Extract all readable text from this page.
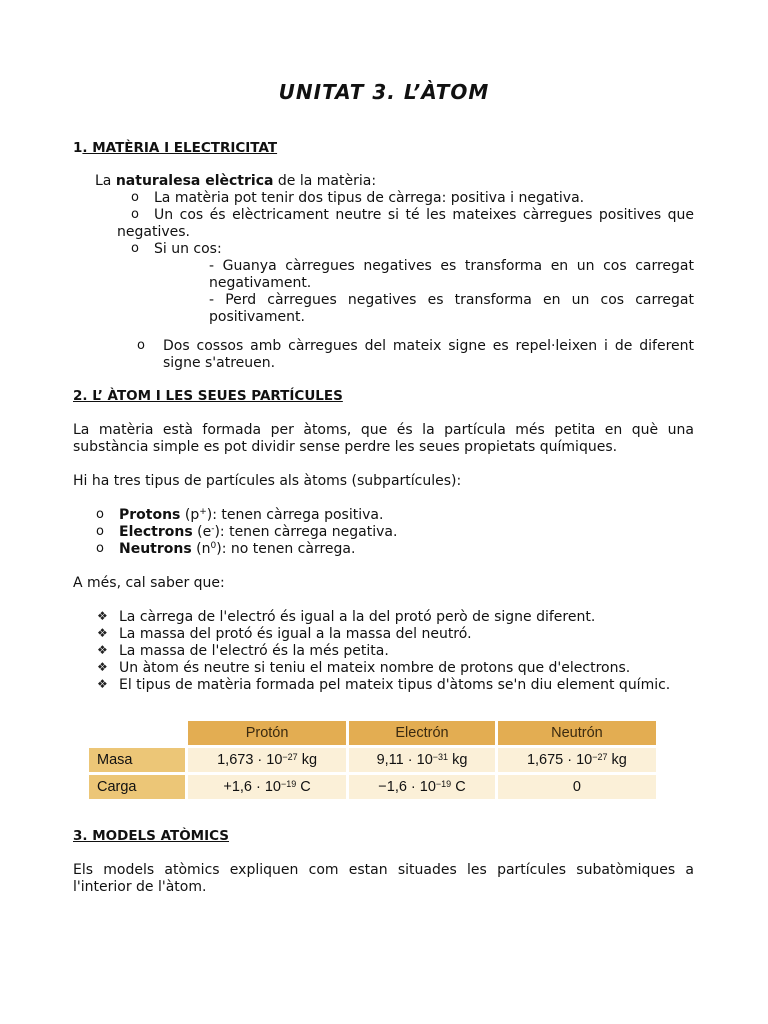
UNITAT 3. L’ÀTOM
1. MATÈRIA I ELECTRICITAT
La naturalesa elèctrica de la matèria:
o La matèria pot tenir dos tipus de càrrega: positiva i negativa.
o	Un cos és elèctricament neutre si té les mateixes càrregues positives que negatives.
o Si un cos:
- Guanya càrregues negatives es transforma en un cos carregat negativament.
- Perd càrregues negatives es transforma en un cos carregat positivament.
o Dos cossos amb càrregues del mateix signe es repel·leixen i de diferent signe s'atreuen.
2. L’ ÀTOM I LES SEUES PARTÍCULES
La matèria està formada per àtoms, que és la partícula més petita en què una substància simple es pot dividir sense perdre les seues propietats químiques.
Hi ha tres tipus de partícules als àtoms (subpartícules):
o Protons (p+): tenen càrrega positiva.
o Electrons (e-): tenen càrrega negativa.
o Neutrons $(n^0)$: no tenen càrrega.
A més, cal saber que:
❖ La càrrega de l'electró és igual a la del protó però de signe diferent.
❖ La massa del protó és igual a la massa del neutró.
❖ La massa de l'electró és la més petita.
❖ Un àtom és neutre si teniu el mateix nombre de protons que d'electrons.
❖ El tipus de matèria formada pel mateix tipus d'àtoms se'n diu element químic.
	Protón	Electrón	Neutrón
Masa	$1,673 \cdot 10^{-27}$ kg	$9,11 \cdot 10^{-31}$ kg	$1,675 \cdot 10^{-27}$ kg
Carga	$+1,6 \cdot 10^{-19}$ C	$-1,6 \cdot 10^{-19}$ C	0
3. MODELS ATÒMICS
Els models atòmics expliquen com estan situades les partícules subatòmiques a l'interior de l'àtom.
